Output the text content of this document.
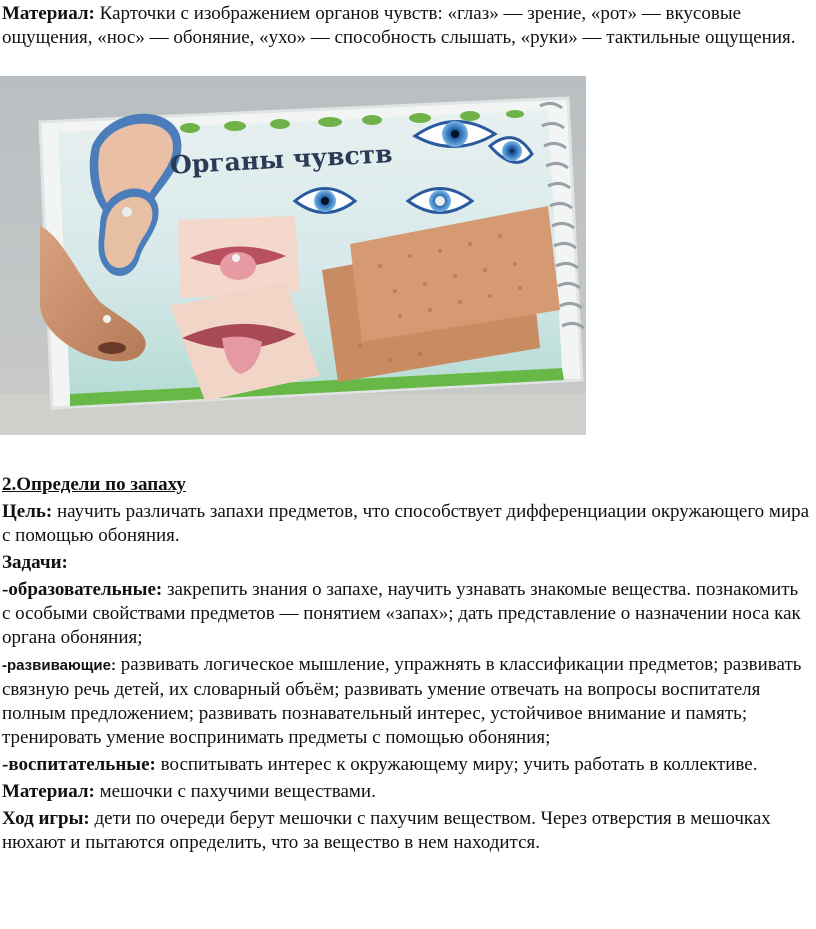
Материал: Карточки с изображением органов чувств: «глаз» — зрение, «рот» — вкусовые ощущения, «нос» — обоняние, «ухо» — способность слышать, «руки» — тактильные ощущения.

Органы чувств

2.Определи по запаху

Цель: научить различать запахи предметов, что способствует дифференциации окружающего мира с помощью обоняния.

Задачи:

-образовательные: закрепить знания о запахе, научить узнавать знакомые вещества. познакомить с особыми свойствами предметов — понятием «запах»; дать представление о назначении носа как органа обоняния;

-развивающие: развивать логическое мышление, упражнять в классификации предметов; развивать связную речь детей, их словарный объём; развивать умение отвечать на вопросы воспитателя полным предложением; развивать познавательный интерес, устойчивое внимание и память; тренировать умение воспринимать предметы с помощью обоняния;

-воспитательные: воспитывать интерес к окружающему миру; учить работать в коллективе.

Материал: мешочки с пахучими веществами.

Ход игры: дети по очереди берут мешочки с пахучим веществом. Через отверстия в мешочках нюхают и пытаются определить, что за вещество в нем находится.
